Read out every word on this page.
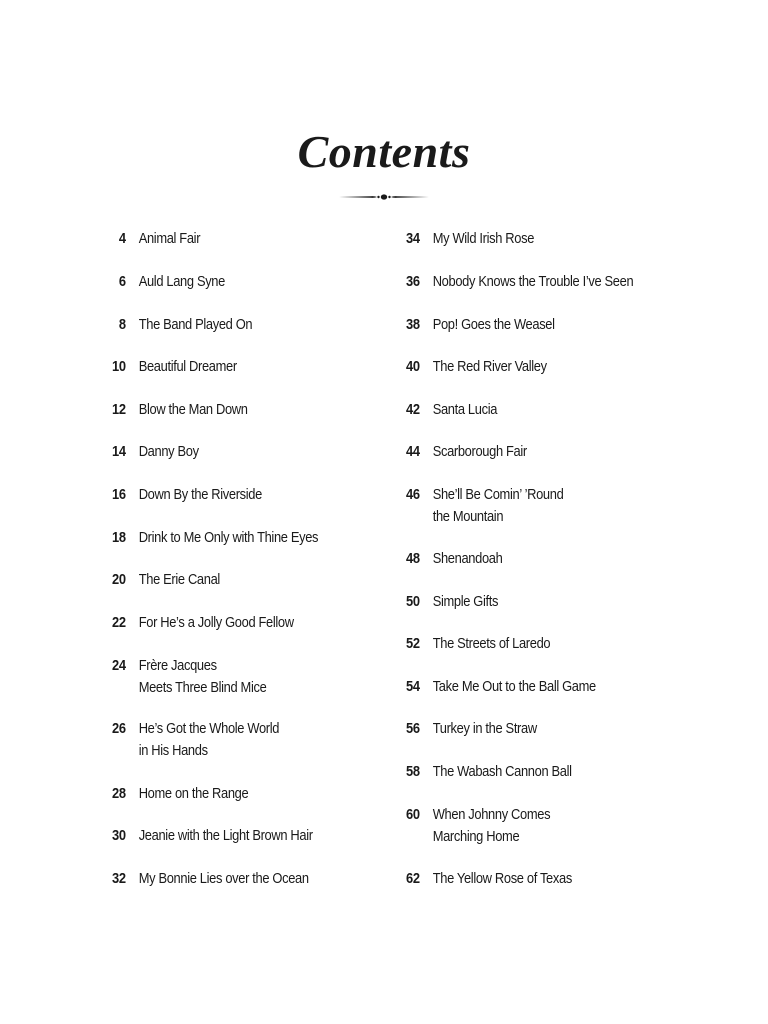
Contents
4 Animal Fair
6 Auld Lang Syne
8 The Band Played On
10 Beautiful Dreamer
12 Blow the Man Down
14 Danny Boy
16 Down By the Riverside
18 Drink to Me Only with Thine Eyes
20 The Erie Canal
22 For He’s a Jolly Good Fellow
24 Frère Jacques
Meets Three Blind Mice
26 He’s Got the Whole World
in His Hands
28 Home on the Range
30 Jeanie with the Light Brown Hair
32 My Bonnie Lies over the Ocean
34 My Wild Irish Rose
36 Nobody Knows the Trouble I’ve Seen
38 Pop! Goes the Weasel
40 The Red River Valley
42 Santa Lucia
44 Scarborough Fair
46 She’ll Be Comin’ ’Round
the Mountain
48 Shenandoah
50 Simple Gifts
52 The Streets of Laredo
54 Take Me Out to the Ball Game
56 Turkey in the Straw
58 The Wabash Cannon Ball
60 When Johnny Comes
Marching Home
62 The Yellow Rose of Texas
